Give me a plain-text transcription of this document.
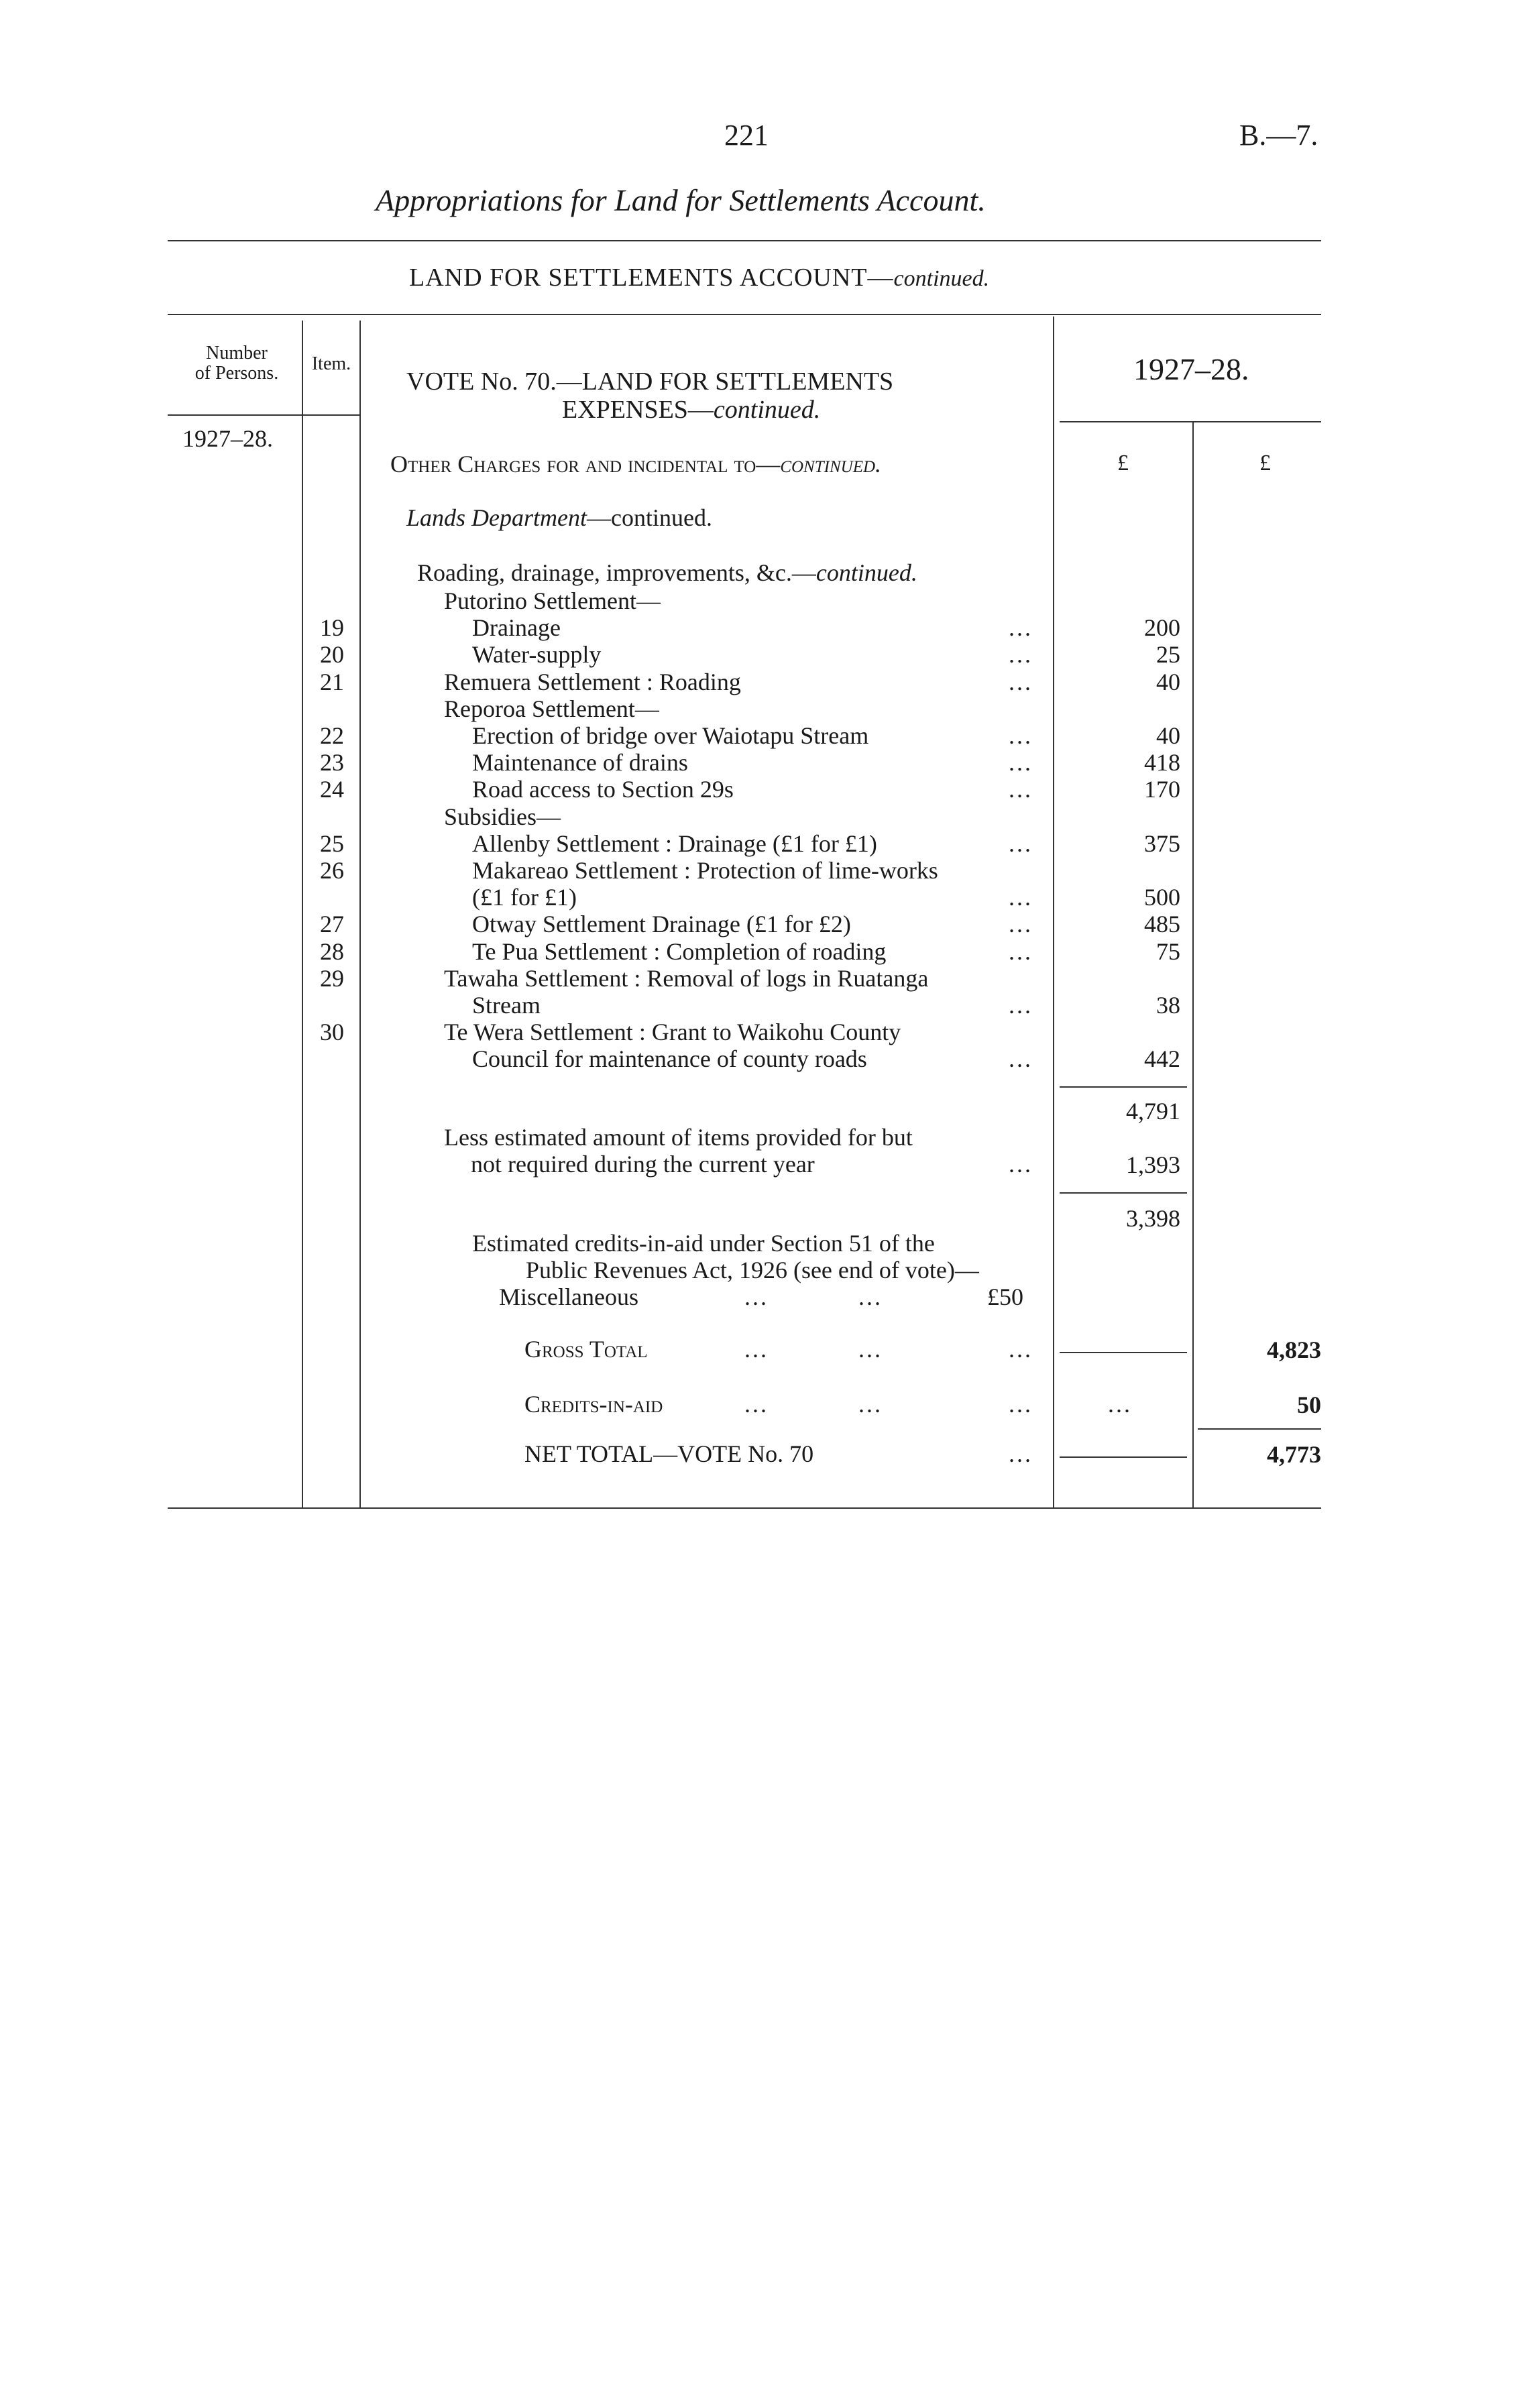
221	B.—7.
Appropriations for Land for Settlements Account.
LAND FOR SETTLEMENTS ACCOUNT—continued.
Number
of Persons.	Item.
VOTE No. 70.—LAND FOR SETTLEMENTS
EXPENSES—continued.
1927–28.
1927–28.
£	£
Other Charges for and incidental to—continued.
Lands Department—continued.
Roading, drainage, improvements, &c.—continued.
Putorino Settlement—
19	Drainage	...	200
20	Water-supply	...	25
21	Remuera Settlement : Roading	...	40
Reporoa Settlement—
22	Erection of bridge over Waiotapu Stream	...	40
23	Maintenance of drains	...	418
24	Road access to Section 29s	...	170
Subsidies—
25	Allenby Settlement : Drainage (£1 for £1)	...	375
26	Makareao Settlement : Protection of lime-works
(£1 for £1)	...	500
27	Otway Settlement Drainage (£1 for £2)	...	485
28	Te Pua Settlement : Completion of roading	...	75
29	Tawaha Settlement : Removal of logs in Ruatanga
Stream	...	38
30	Te Wera Settlement : Grant to Waikohu County
Council for maintenance of county roads	...	442
4,791
Less estimated amount of items provided for but
not required during the current year	...	1,393
3,398
Estimated credits-in-aid under Section 51 of the
Public Revenues Act, 1926 (see end of vote)—
Miscellaneous	...	...	£50
Gross Total	...	...	...	4,823
Credits-in-aid	...	...	...	...	50
NET TOTAL—VOTE No. 70	...	4,773
